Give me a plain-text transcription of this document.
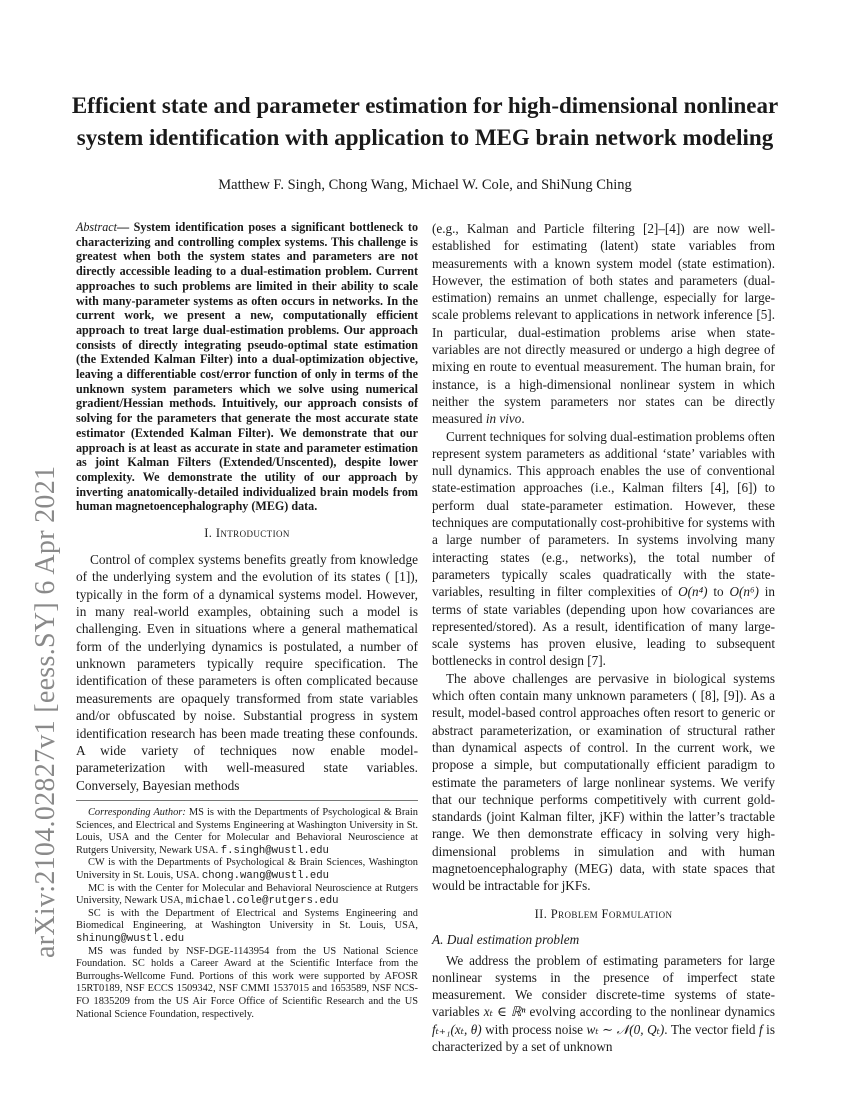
arXiv:2104.02827v1 [eess.SY] 6 Apr 2021
Efficient state and parameter estimation for high-dimensional nonlinear system identification with application to MEG brain network modeling

Matthew F. Singh, Chong Wang, Michael W. Cole, and ShiNung Ching

Abstract— System identification poses a significant bottleneck to characterizing and controlling complex systems. This challenge is greatest when both the system states and parameters are not directly accessible leading to a dual-estimation problem. Current approaches to such problems are limited in their ability to scale with many-parameter systems as often occurs in networks. In the current work, we present a new, computationally efficient approach to treat large dual-estimation problems. Our approach consists of directly integrating pseudo-optimal state estimation (the Extended Kalman Filter) into a dual-optimization objective, leaving a differentiable cost/error function of only in terms of the unknown system parameters which we solve using numerical gradient/Hessian methods. Intuitively, our approach consists of solving for the parameters that generate the most accurate state estimator (Extended Kalman Filter). We demonstrate that our approach is at least as accurate in state and parameter estimation as joint Kalman Filters (Extended/Unscented), despite lower complexity. We demonstrate the utility of our approach by inverting anatomically-detailed individualized brain models from human magnetoencephalography (MEG) data.

I. Introduction

Control of complex systems benefits greatly from knowledge of the underlying system and the evolution of its states ( [1]), typically in the form of a dynamical systems model. However, in many real-world examples, obtaining such a model is challenging. Even in situations where a general mathematical form of the underlying dynamics is postulated, a number of unknown parameters typically require specification. The identification of these parameters is often complicated because measurements are opaquely transformed from state variables and/or obfuscated by noise. Substantial progress in system identification research has been made treating these confounds. A wide variety of techniques now enable model-parameterization with well-measured state variables. Conversely, Bayesian methods

Corresponding Author: MS is with the Departments of Psychological & Brain Sciences, and Electrical and Systems Engineering at Washington University in St. Louis, USA and the Center for Molecular and Behavioral Neuroscience at Rutgers University, Newark USA. f.singh@wustl.edu

CW is with the Departments of Psychological & Brain Sciences, Washington University in St. Louis, USA. chong.wang@wustl.edu

MC is with the Center for Molecular and Behavioral Neuroscience at Rutgers University, Newark USA, michael.cole@rutgers.edu

SC is with the Department of Electrical and Systems Engineering and Biomedical Engineering, at Washington University in St. Louis, USA, shinung@wustl.edu

MS was funded by NSF-DGE-1143954 from the US National Science Foundation. SC holds a Career Award at the Scientific Interface from the Burroughs-Wellcome Fund. Portions of this work were supported by AFOSR 15RT0189, NSF ECCS 1509342, NSF CMMI 1537015 and 1653589, NSF NCS-FO 1835209 from the US Air Force Office of Scientific Research and the US National Science Foundation, respectively.

(e.g., Kalman and Particle filtering [2]–[4]) are now well-established for estimating (latent) state variables from measurements with a known system model (state estimation). However, the estimation of both states and parameters (dual-estimation) remains an unmet challenge, especially for large-scale problems relevant to applications in network inference [5]. In particular, dual-estimation problems arise when state-variables are not directly measured or undergo a high degree of mixing en route to eventual measurement. The human brain, for instance, is a high-dimensional nonlinear system in which neither the system parameters nor states can be directly measured in vivo.

Current techniques for solving dual-estimation problems often represent system parameters as additional ‘state’ variables with null dynamics. This approach enables the use of conventional state-estimation approaches (i.e., Kalman filters [4], [6]) to perform dual state-parameter estimation. However, these techniques are computationally cost-prohibitive for systems with a large number of parameters. In systems involving many interacting states (e.g., networks), the total number of parameters typically scales quadratically with the state-variables, resulting in filter complexities of O(n⁴) to O(n⁶) in terms of state variables (depending upon how covariances are represented/stored). As a result, identification of many large-scale systems has proven elusive, leading to subsequent bottlenecks in control design [7].

The above challenges are pervasive in biological systems which often contain many unknown parameters ( [8], [9]). As a result, model-based control approaches often resort to generic or abstract parameterization, or examination of structural rather than dynamical aspects of control. In the current work, we propose a simple, but computationally efficient paradigm to estimate the parameters of large nonlinear systems. We verify that our technique performs competitively with current gold-standards (joint Kalman filter, jKF) within the latter’s tractable range. We then demonstrate efficacy in solving very high-dimensional problems in simulation and with human magnetoencephalography (MEG) data, with state spaces that would be intractable for jKFs.

II. Problem Formulation

A. Dual estimation problem

We address the problem of estimating parameters for large nonlinear systems in the presence of imperfect state measurement. We consider discrete-time systems of state-variables xₜ ∈ ℝⁿ evolving according to the nonlinear dynamics fₜ₊₁(xₜ, θ) with process noise wₜ ∼ 𝒩(0, Qₜ). The vector field f is characterized by a set of unknown
